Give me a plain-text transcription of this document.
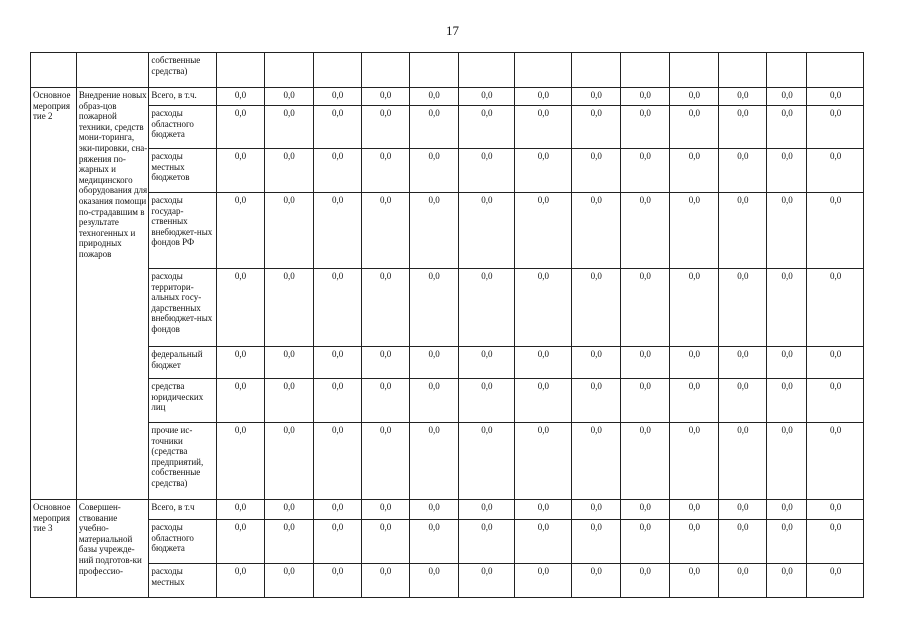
17
		собственные средства)													
Основное мероприя тие 2	Внедрение новых образ-цов пожарной техники, средств мони-торинга, эки-пировки, сна-ряжения по-жарных и медицинского оборудования для оказания помощи по-страдавшим в результате техногенных и природных пожаров	Всего, в т.ч.	0,0	0,0	0,0	0,0	0,0	0,0	0,0	0,0	0,0	0,0	0,0	0,0	0,0
		расходы областного бюджета	0,0	0,0	0,0	0,0	0,0	0,0	0,0	0,0	0,0	0,0	0,0	0,0	0,0
		расходы местных бюджетов	0,0	0,0	0,0	0,0	0,0	0,0	0,0	0,0	0,0	0,0	0,0	0,0	0,0
		расходы государ-ственных внебюджет-ных фондов РФ	0,0	0,0	0,0	0,0	0,0	0,0	0,0	0,0	0,0	0,0	0,0	0,0	0,0
		расходы территори-альных госу-дарственных внебюджет-ных фондов	0,0	0,0	0,0	0,0	0,0	0,0	0,0	0,0	0,0	0,0	0,0	0,0	0,0
		федеральный бюджет	0,0	0,0	0,0	0,0	0,0	0,0	0,0	0,0	0,0	0,0	0,0	0,0	0,0
		средства юридических лиц	0,0	0,0	0,0	0,0	0,0	0,0	0,0	0,0	0,0	0,0	0,0	0,0	0,0
		прочие ис-точники (средства предприятий, собственные средства)	0,0	0,0	0,0	0,0	0,0	0,0	0,0	0,0	0,0	0,0	0,0	0,0	0,0
Основное мероприя тие 3	Совершен-ствование учебно-материальной базы учрежде-ний подготов-ки профессио-	Всего, в т.ч	0,0	0,0	0,0	0,0	0,0	0,0	0,0	0,0	0,0	0,0	0,0	0,0	0,0
		расходы областного бюджета	0,0	0,0	0,0	0,0	0,0	0,0	0,0	0,0	0,0	0,0	0,0	0,0	0,0
		расходы местных	0,0	0,0	0,0	0,0	0,0	0,0	0,0	0,0	0,0	0,0	0,0	0,0	0,0
